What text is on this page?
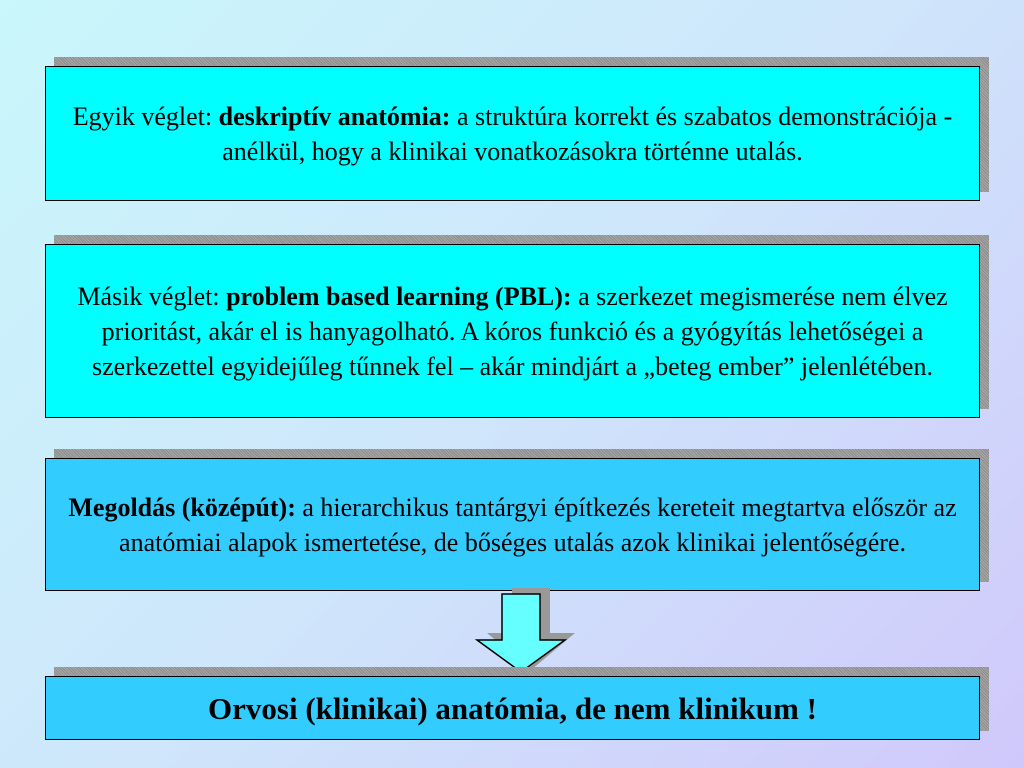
Egyik véglet: deskriptív anatómia: a struktúra korrekt és szabatos demonstrációja - anélkül, hogy a klinikai vonatkozásokra történne utalás.

Másik véglet: problem based learning (PBL): a szerkezet megismerése nem élvez prioritást, akár el is hanyagolható. A kóros funkció és a gyógyítás lehetőségei a szerkezettel egyidejűleg tűnnek fel – akár mindjárt a „beteg ember” jelenlétében.

Megoldás (középút): a hierarchikus tantárgyi építkezés kereteit megtartva először az anatómiai alapok ismertetése, de bőséges utalás azok klinikai jelentőségére.

Orvosi (klinikai) anatómia, de nem klinikum !
